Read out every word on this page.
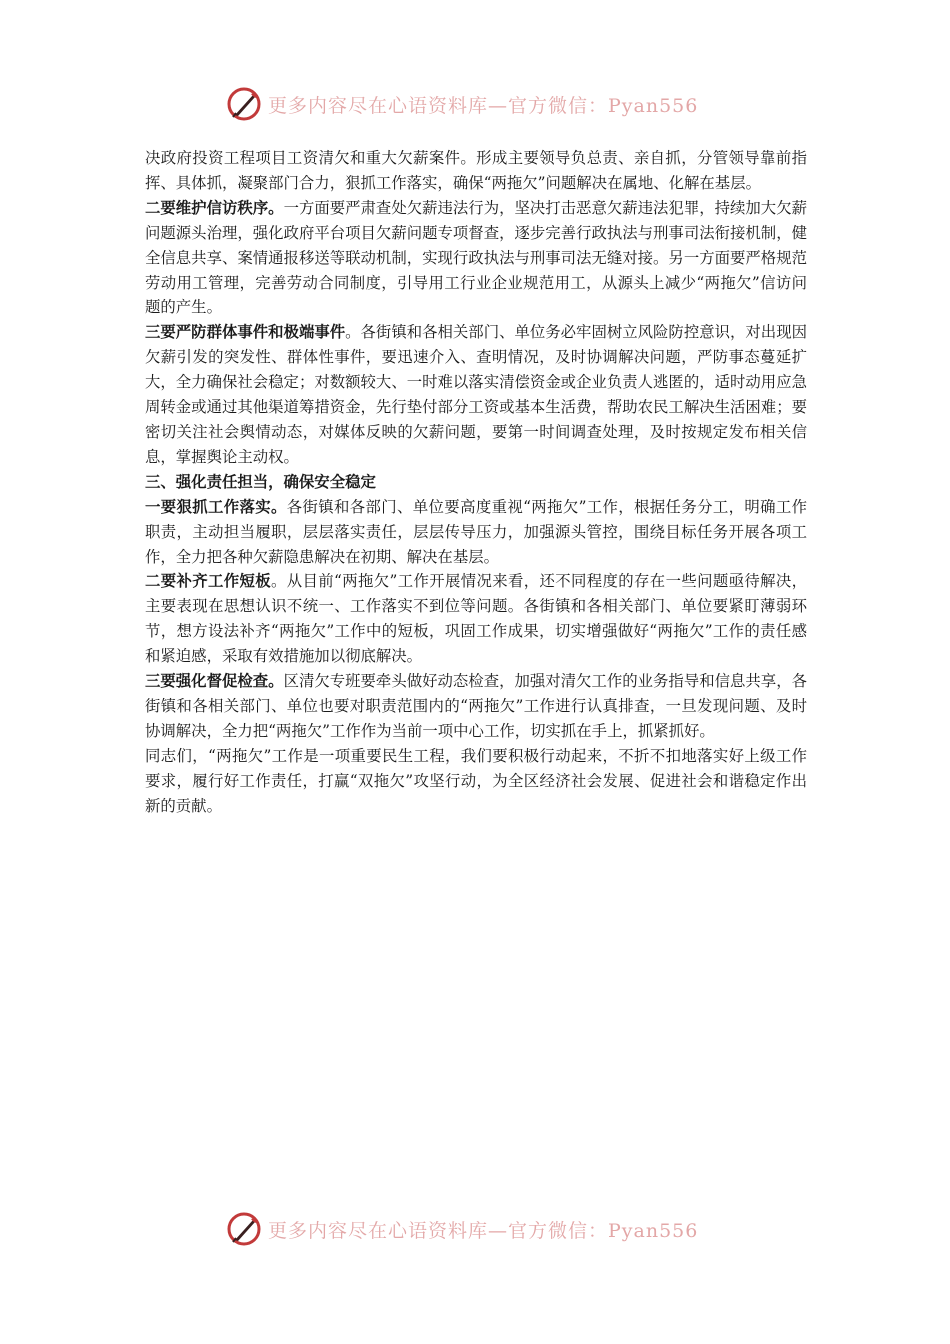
更多内容尽在心语资料库—官方微信：Pyan556

决政府投资工程项目工资清欠和重大欠薪案件。形成主要领导负总责、亲自抓，分管领导靠前指挥、具体抓，凝聚部门合力，狠抓工作落实，确保“两拖欠”问题解决在属地、化解在基层。

二要维护信访秩序。一方面要严肃查处欠薪违法行为，坚决打击恶意欠薪违法犯罪，持续加大欠薪问题源头治理，强化政府平台项目欠薪问题专项督查，逐步完善行政执法与刑事司法衔接机制，健全信息共享、案情通报移送等联动机制，实现行政执法与刑事司法无缝对接。另一方面要严格规范劳动用工管理，完善劳动合同制度，引导用工行业企业规范用工，从源头上减少“两拖欠”信访问题的产生。

三要严防群体事件和极端事件。各街镇和各相关部门、单位务必牢固树立风险防控意识，对出现因欠薪引发的突发性、群体性事件，要迅速介入、查明情况，及时协调解决问题，严防事态蔓延扩大，全力确保社会稳定；对数额较大、一时难以落实清偿资金或企业负责人逃匿的，适时动用应急周转金或通过其他渠道筹措资金，先行垫付部分工资或基本生活费，帮助农民工解决生活困难；要密切关注社会舆情动态，对媒体反映的欠薪问题，要第一时间调查处理，及时按规定发布相关信息，掌握舆论主动权。

三、强化责任担当，确保安全稳定

一要狠抓工作落实。各街镇和各部门、单位要高度重视“两拖欠”工作，根据任务分工，明确工作职责，主动担当履职，层层落实责任，层层传导压力，加强源头管控，围绕目标任务开展各项工作，全力把各种欠薪隐患解决在初期、解决在基层。

二要补齐工作短板。从目前“两拖欠”工作开展情况来看，还不同程度的存在一些问题亟待解决，主要表现在思想认识不统一、工作落实不到位等问题。各街镇和各相关部门、单位要紧盯薄弱环节，想方设法补齐“两拖欠”工作中的短板，巩固工作成果，切实增强做好“两拖欠”工作的责任感和紧迫感，采取有效措施加以彻底解决。

三要强化督促检查。区清欠专班要牵头做好动态检查，加强对清欠工作的业务指导和信息共享，各街镇和各相关部门、单位也要对职责范围内的“两拖欠”工作进行认真排查，一旦发现问题、及时协调解决，全力把“两拖欠”工作作为当前一项中心工作，切实抓在手上，抓紧抓好。

同志们，“两拖欠”工作是一项重要民生工程，我们要积极行动起来，不折不扣地落实好上级工作要求，履行好工作责任，打赢“双拖欠”攻坚行动，为全区经济社会发展、促进社会和谐稳定作出新的贡献。

更多内容尽在心语资料库—官方微信：Pyan556
